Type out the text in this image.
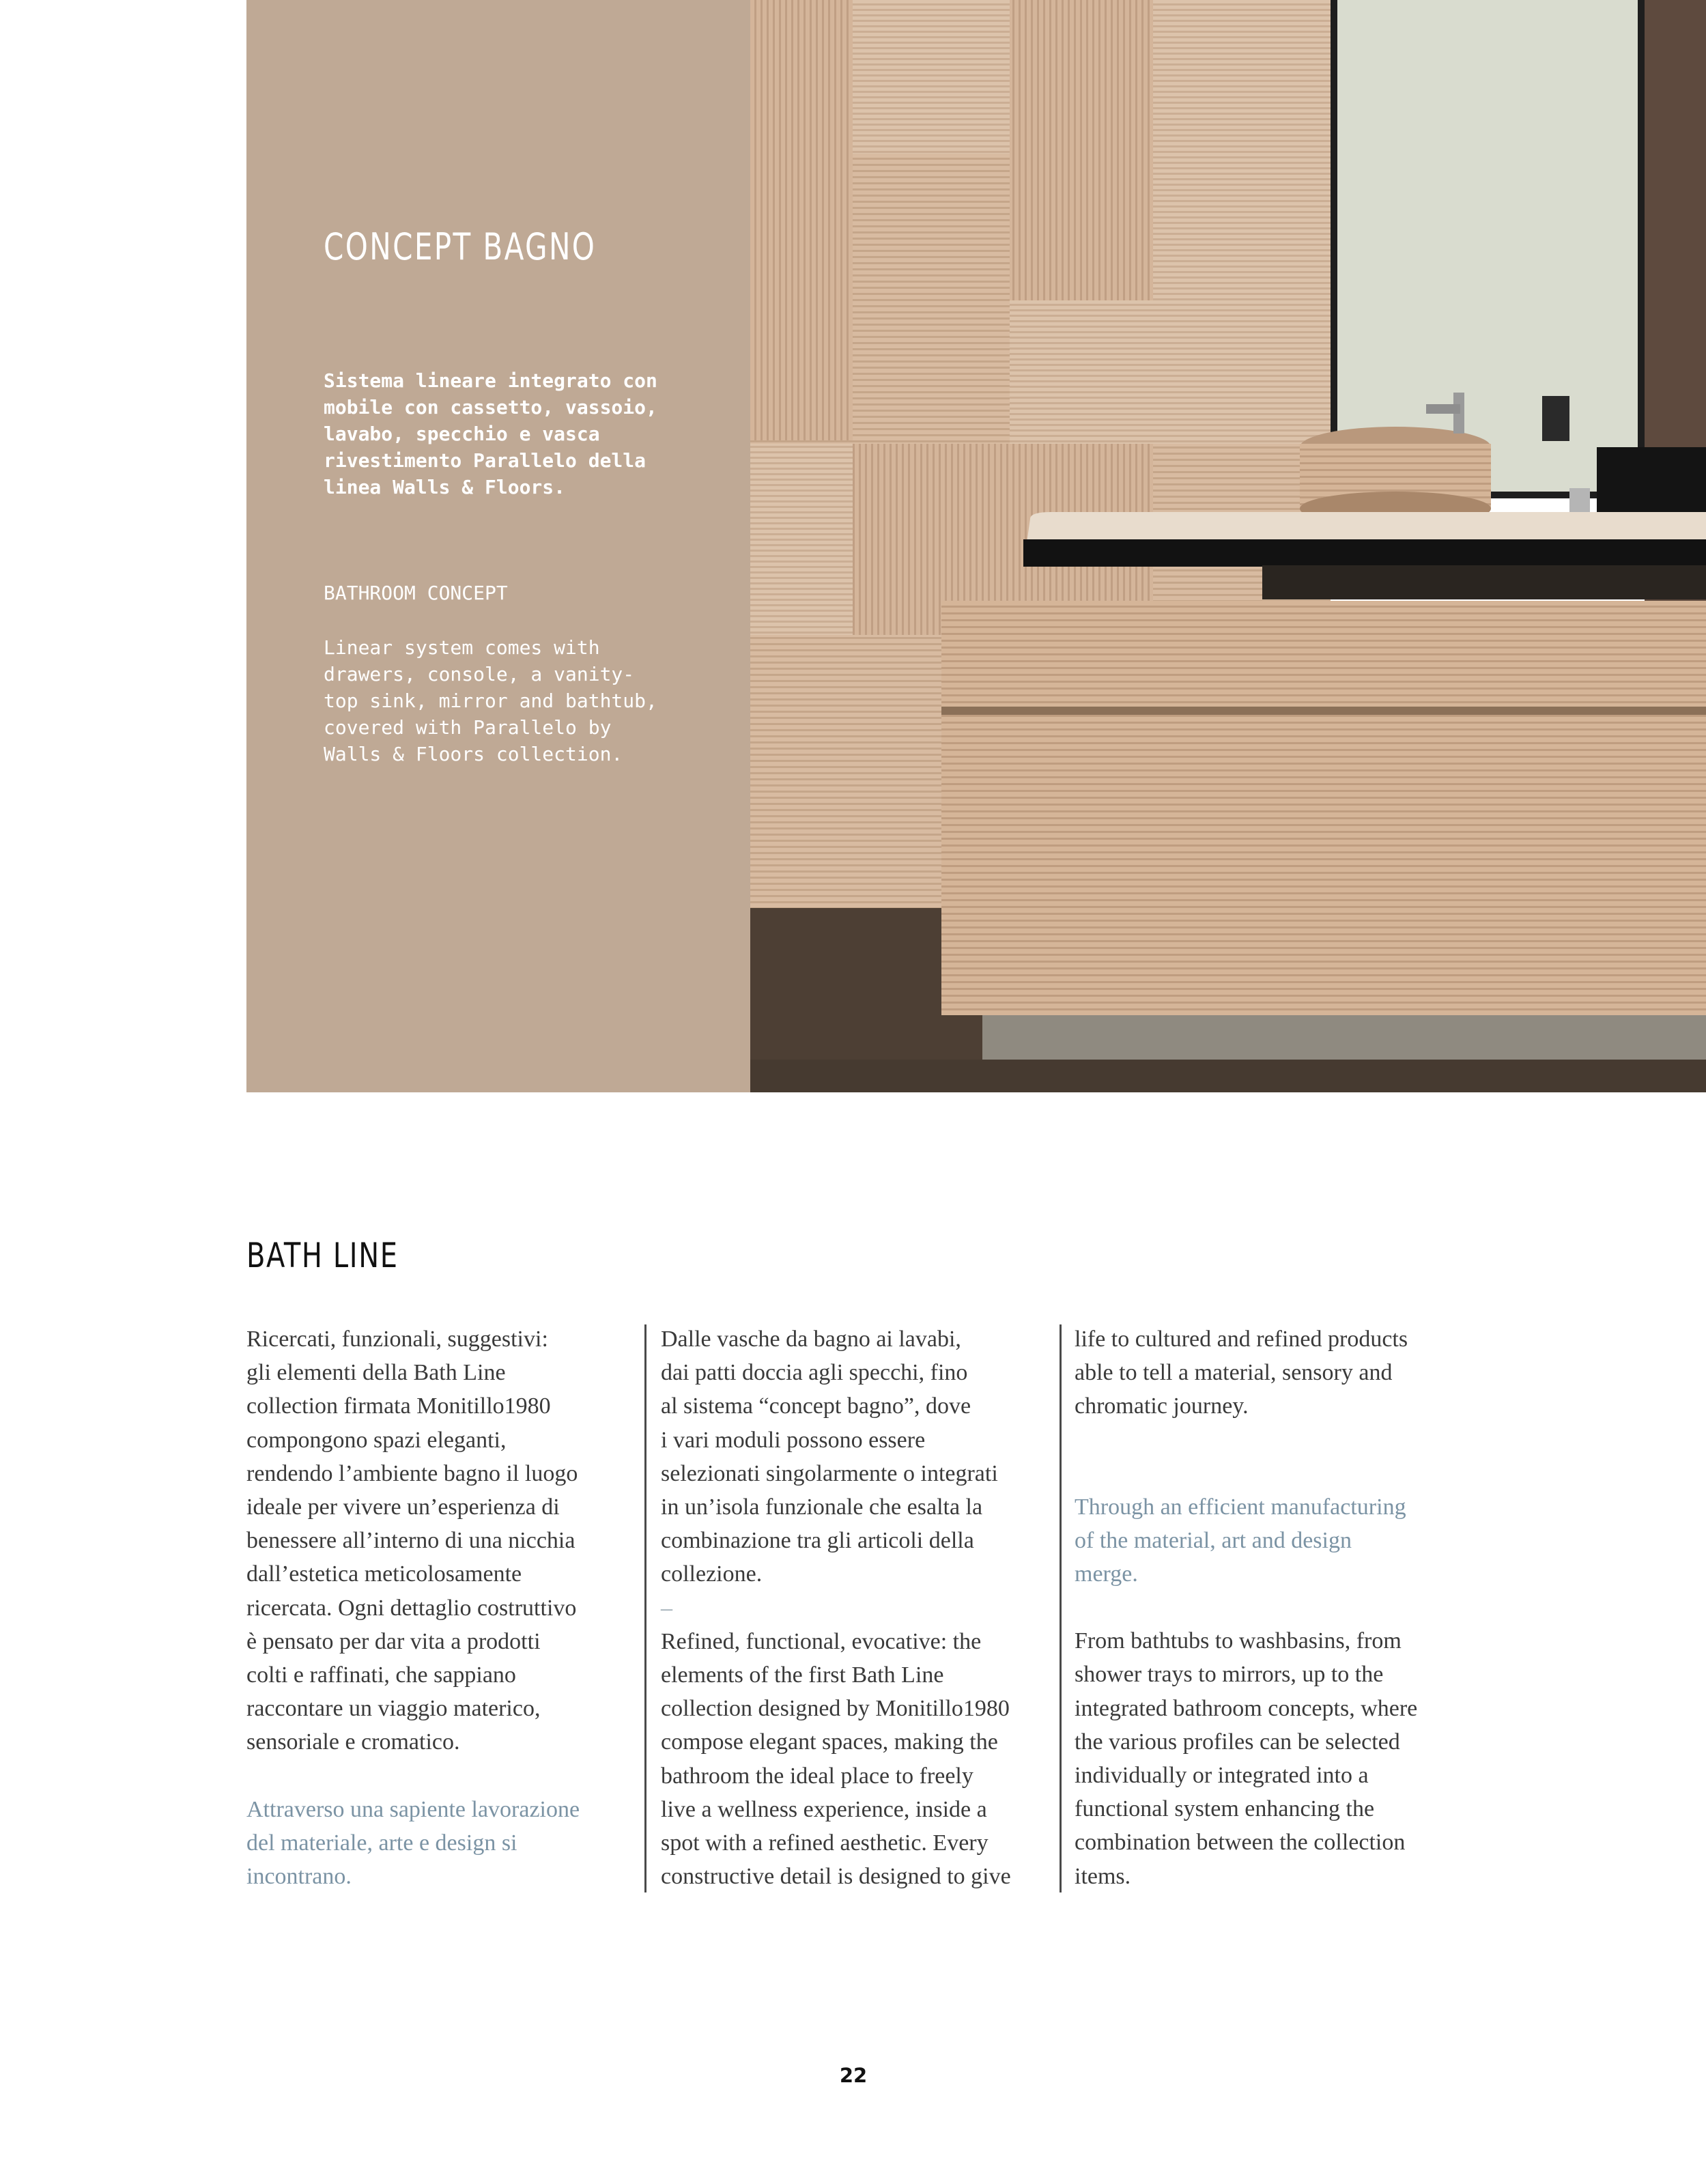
CONCEPT BAGNO

Sistema lineare integrato con
mobile con cassetto, vassoio,
lavabo, specchio e vasca
rivestimento Parallelo della
linea Walls & Floors.

BATHROOM CONCEPT

Linear system comes with
drawers, console, a vanity-
top sink, mirror and bathtub,
covered with Parallelo by
Walls & Floors collection.

BATH LINE

Ricercati, funzionali, suggestivi:
gli elementi della Bath Line
collection firmata Monitillo1980
compongono spazi eleganti,
rendendo l’ambiente bagno il luogo
ideale per vivere un’esperienza di
benessere all’interno di una nicchia
dall’estetica meticolosamente
ricercata. Ogni dettaglio costruttivo
è pensato per dar vita a prodotti
colti e raffinati, che sappiano
raccontare un viaggio materico,
sensoriale e cromatico.

Attraverso una sapiente lavorazione
del materiale, arte e design si
incontrano.

Dalle vasche da bagno ai lavabi,
dai patti doccia agli specchi, fino
al sistema “concept bagno”, dove
i vari moduli possono essere
selezionati singolarmente o integrati
in un’isola funzionale che esalta la
combinazione tra gli articoli della
collezione.

–

Refined, functional, evocative: the
elements of the first Bath Line
collection designed by Monitillo1980
compose elegant spaces, making the
bathroom the ideal place to freely
live a wellness experience, inside a
spot with a refined aesthetic. Every
constructive detail is designed to give

life to cultured and refined products
able to tell a material, sensory and
chromatic journey.

Through an efficient manufacturing
of the material, art and design
merge.

From bathtubs to washbasins, from
shower trays to mirrors, up to the
integrated bathroom concepts, where
the various profiles can be selected
individually or integrated into a
functional system enhancing the
combination between the collection
items.

22
